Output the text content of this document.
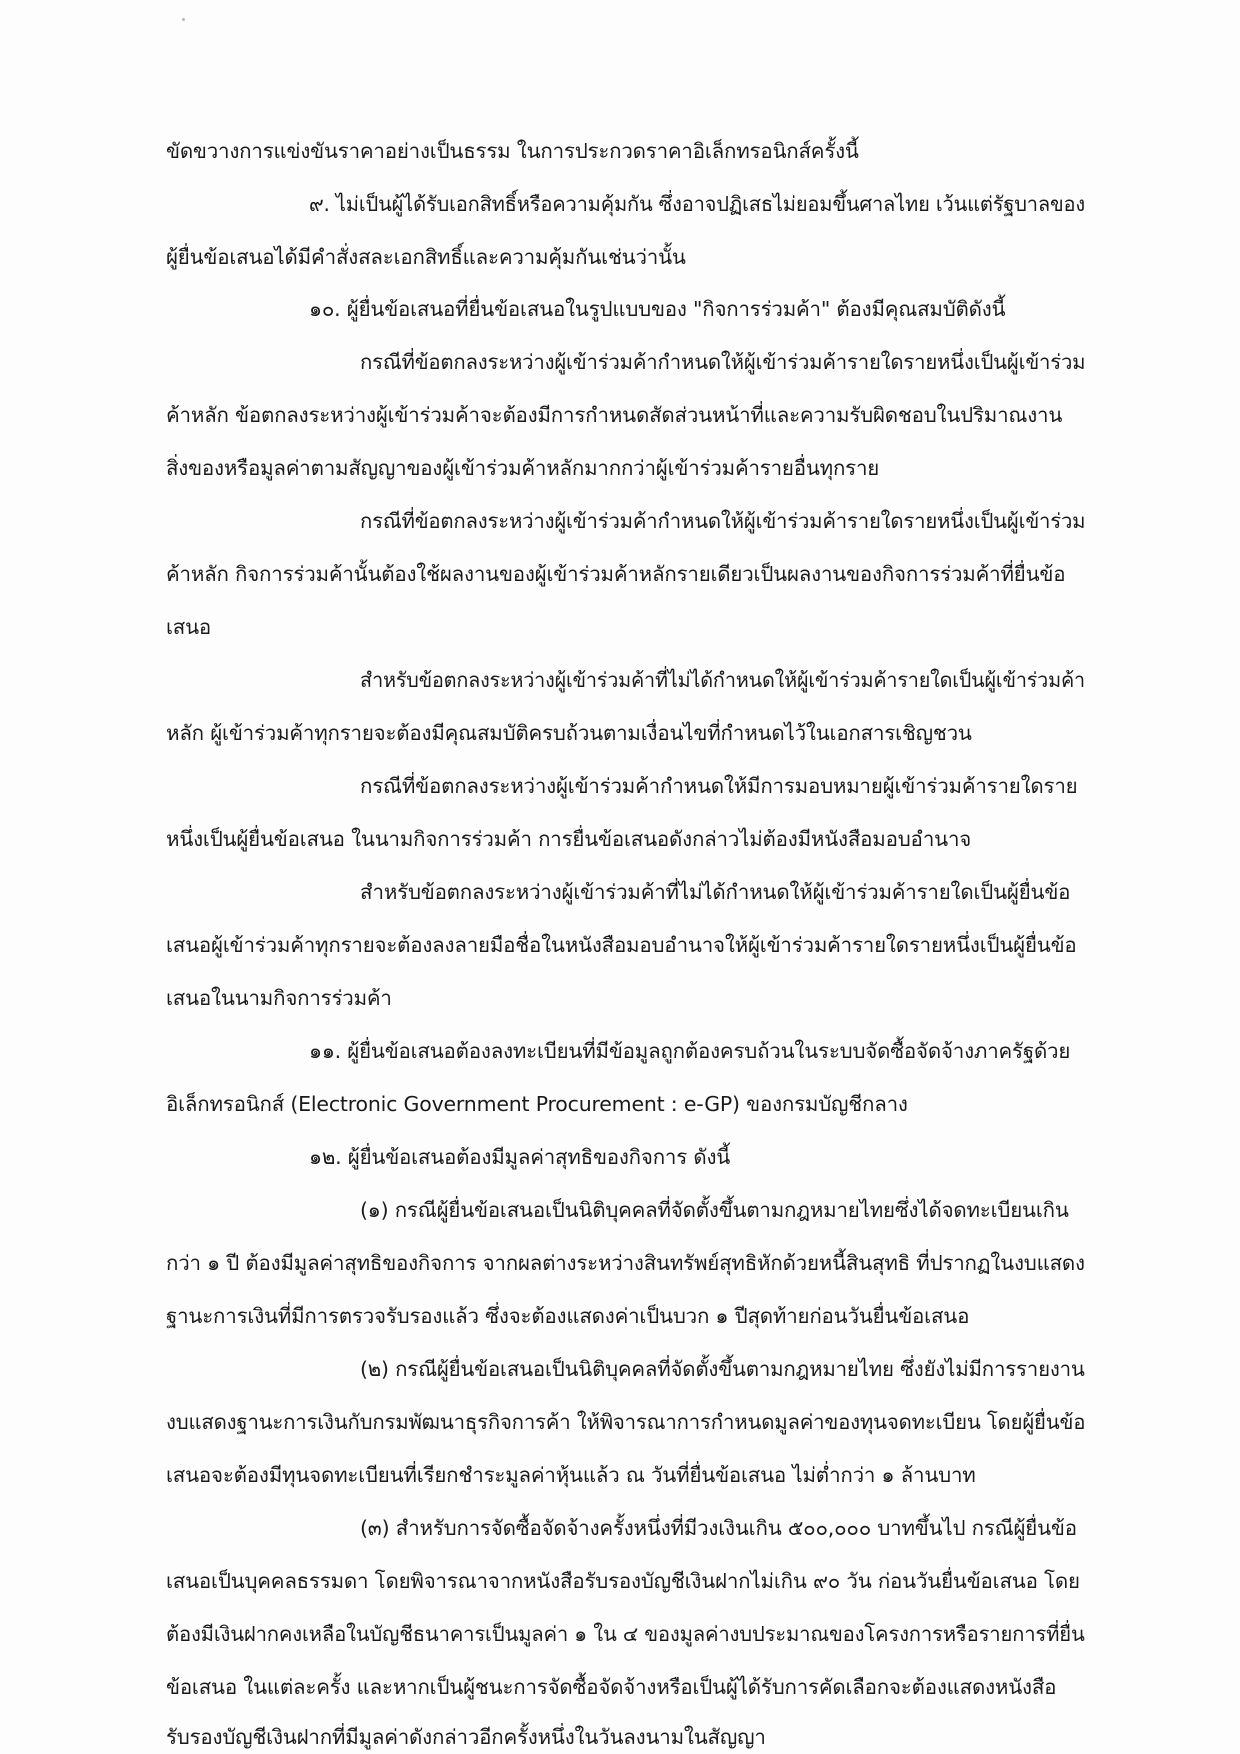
ขัดขวางการแข่งขันราคาอย่างเป็นธรรม ในการประกวดราคาอิเล็กทรอนิกส์ครั้งนี้
๙. ไม่เป็นผู้ได้รับเอกสิทธิ์หรือความคุ้มกัน ซึ่งอาจปฏิเสธไม่ยอมขึ้นศาลไทย เว้นแต่รัฐบาลของ
ผู้ยื่นข้อเสนอได้มีคำสั่งสละเอกสิทธิ์และความคุ้มกันเช่นว่านั้น
๑๐. ผู้ยื่นข้อเสนอที่ยื่นข้อเสนอในรูปแบบของ "กิจการร่วมค้า" ต้องมีคุณสมบัติดังนี้
กรณีที่ข้อตกลงระหว่างผู้เข้าร่วมค้ากำหนดให้ผู้เข้าร่วมค้ารายใดรายหนึ่งเป็นผู้เข้าร่วม
ค้าหลัก ข้อตกลงระหว่างผู้เข้าร่วมค้าจะต้องมีการกำหนดสัดส่วนหน้าที่และความรับผิดชอบในปริมาณงาน
สิ่งของหรือมูลค่าตามสัญญาของผู้เข้าร่วมค้าหลักมากกว่าผู้เข้าร่วมค้ารายอื่นทุกราย
กรณีที่ข้อตกลงระหว่างผู้เข้าร่วมค้ากำหนดให้ผู้เข้าร่วมค้ารายใดรายหนึ่งเป็นผู้เข้าร่วม
ค้าหลัก กิจการร่วมค้านั้นต้องใช้ผลงานของผู้เข้าร่วมค้าหลักรายเดียวเป็นผลงานของกิจการร่วมค้าที่ยื่นข้อ
เสนอ
สำหรับข้อตกลงระหว่างผู้เข้าร่วมค้าที่ไม่ได้กำหนดให้ผู้เข้าร่วมค้ารายใดเป็นผู้เข้าร่วมค้า
หลัก ผู้เข้าร่วมค้าทุกรายจะต้องมีคุณสมบัติครบถ้วนตามเงื่อนไขที่กำหนดไว้ในเอกสารเชิญชวน
กรณีที่ข้อตกลงระหว่างผู้เข้าร่วมค้ากำหนดให้มีการมอบหมายผู้เข้าร่วมค้ารายใดราย
หนึ่งเป็นผู้ยื่นข้อเสนอ ในนามกิจการร่วมค้า การยื่นข้อเสนอดังกล่าวไม่ต้องมีหนังสือมอบอำนาจ
สำหรับข้อตกลงระหว่างผู้เข้าร่วมค้าที่ไม่ได้กำหนดให้ผู้เข้าร่วมค้ารายใดเป็นผู้ยื่นข้อ
เสนอผู้เข้าร่วมค้าทุกรายจะต้องลงลายมือชื่อในหนังสือมอบอำนาจให้ผู้เข้าร่วมค้ารายใดรายหนึ่งเป็นผู้ยื่นข้อ
เสนอในนามกิจการร่วมค้า
๑๑. ผู้ยื่นข้อเสนอต้องลงทะเบียนที่มีข้อมูลถูกต้องครบถ้วนในระบบจัดซื้อจัดจ้างภาครัฐด้วย
อิเล็กทรอนิกส์ (Electronic Government Procurement : e-GP) ของกรมบัญชีกลาง
๑๒. ผู้ยื่นข้อเสนอต้องมีมูลค่าสุทธิของกิจการ ดังนี้
(๑) กรณีผู้ยื่นข้อเสนอเป็นนิติบุคคลที่จัดตั้งขึ้นตามกฎหมายไทยซึ่งได้จดทะเบียนเกิน
กว่า ๑ ปี ต้องมีมูลค่าสุทธิของกิจการ จากผลต่างระหว่างสินทรัพย์สุทธิหักด้วยหนี้สินสุทธิ ที่ปรากฏในงบแสดง
ฐานะการเงินที่มีการตรวจรับรองแล้ว ซึ่งจะต้องแสดงค่าเป็นบวก ๑ ปีสุดท้ายก่อนวันยื่นข้อเสนอ
(๒) กรณีผู้ยื่นข้อเสนอเป็นนิติบุคคลที่จัดตั้งขึ้นตามกฎหมายไทย ซึ่งยังไม่มีการรายงาน
งบแสดงฐานะการเงินกับกรมพัฒนาธุรกิจการค้า ให้พิจารณาการกำหนดมูลค่าของทุนจดทะเบียน โดยผู้ยื่นข้อ
เสนอจะต้องมีทุนจดทะเบียนที่เรียกชำระมูลค่าหุ้นแล้ว ณ วันที่ยื่นข้อเสนอ ไม่ต่ำกว่า ๑ ล้านบาท
(๓) สำหรับการจัดซื้อจัดจ้างครั้งหนึ่งที่มีวงเงินเกิน ๕๐๐,๐๐๐ บาทขึ้นไป กรณีผู้ยื่นข้อ
เสนอเป็นบุคคลธรรมดา โดยพิจารณาจากหนังสือรับรองบัญชีเงินฝากไม่เกิน ๙๐ วัน ก่อนวันยื่นข้อเสนอ โดย
ต้องมีเงินฝากคงเหลือในบัญชีธนาคารเป็นมูลค่า ๑ ใน ๔ ของมูลค่างบประมาณของโครงการหรือรายการที่ยื่น
ข้อเสนอ ในแต่ละครั้ง และหากเป็นผู้ชนะการจัดซื้อจัดจ้างหรือเป็นผู้ได้รับการคัดเลือกจะต้องแสดงหนังสือ
รับรองบัญชีเงินฝากที่มีมูลค่าดังกล่าวอีกครั้งหนึ่งในวันลงนามในสัญญา
